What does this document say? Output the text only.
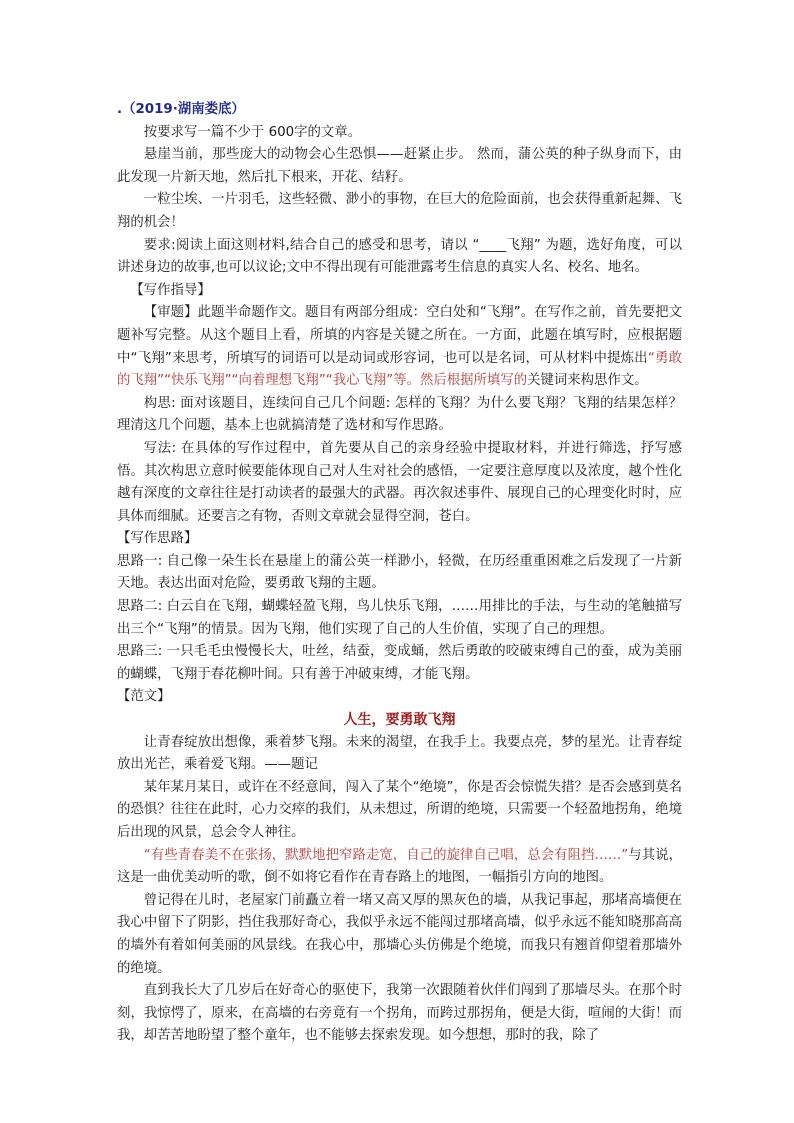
.（2019·湖南娄底）

按要求写一篇不少于 600字的文章。

悬崖当前，那些庞大的动物会心生恐惧——赶紧止步。 然而，蒲公英的种子纵身而下，由此发现一片新天地，然后扎下根来，开花、结籽。

一粒尘埃、一片羽毛，这些轻微、渺小的事物，在巨大的危险面前，也会获得重新起舞、飞翔的机会！

要求:阅读上面这则材料,结合自己的感受和思考，请以 “____飞翔” 为题，选好角度，可以讲述身边的故事,也可以议论;文中不得出现有可能泄露考生信息的真实人名、校名、地名。

【写作指导】

【审题】此题半命题作文。题目有两部分组成：空白处和“飞翔”。在写作之前，首先要把文题补写完整。从这个题目上看，所填的内容是关键之所在。一方面，此题在填写时，应根据题中“飞翔”来思考，所填写的词语可以是动词或形容词，也可以是名词，可从材料中提炼出“勇敢的飞翔”“快乐飞翔”“向着理想飞翔”“我心飞翔”等。然后根据所填写的关键词来构思作文。

构思: 面对该题目，连续问自己几个问题: 怎样的飞翔？为什么要飞翔？飞翔的结果怎样？理清这几个问题，基本上也就搞清楚了选材和写作思路。

写法: 在具体的写作过程中，首先要从自己的亲身经验中提取材料，并进行筛选，抒写感悟。其次构思立意时候要能体现自己对人生对社会的感悟，一定要注意厚度以及浓度，越个性化越有深度的文章往往是打动读者的最强大的武器。再次叙述事件、展现自己的心理变化时时，应具体而细腻。还要言之有物，否则文章就会显得空洞，苍白。

【写作思路】

思路一: 自己像一朵生长在悬崖上的蒲公英一样渺小，轻微，在历经重重困难之后发现了一片新天地。表达出面对危险，要勇敢飞翔的主题。

思路二: 白云自在飞翔，蝴蝶轻盈飞翔，鸟儿快乐飞翔，……用排比的手法，与生动的笔触描写出三个“飞翔”的情景。因为飞翔，他们实现了自己的人生价值，实现了自己的理想。

思路三: 一只毛毛虫慢慢长大，吐丝，结蚕，变成蛹，然后勇敢的咬破束缚自己的蚕，成为美丽的蝴蝶，飞翔于春花柳叶间。只有善于冲破束缚，才能飞翔。

【范文】

人生，要勇敢飞翔

让青春绽放出想像，乘着梦飞翔。未来的渴望，在我手上。我要点亮，梦的星光。让青春绽放出光芒，乘着爱飞翔。——题记

某年某月某日，或许在不经意间，闯入了某个“绝境”，你是否会惊慌失措？是否会感到莫名的恐惧？往往在此时，心力交瘁的我们，从未想过，所谓的绝境，只需要一个轻盈地拐角，绝境后出现的风景，总会令人神往。

“有些青春美不在张扬，默默地把窄路走宽，自己的旋律自己唱，总会有阻挡……”与其说，这是一曲优美动听的歌，倒不如将它看作在青春路上的地图，一幅指引方向的地图。

曾记得在儿时，老屋家门前矗立着一堵又高又厚的黑灰色的墙，从我记事起，那堵高墙便在我心中留下了阴影，挡住我那好奇心，我似乎永远不能闯过那堵高墙，似乎永远不能知晓那高高的墙外有着如何美丽的风景线。在我心中，那墙心头仿佛是个绝境，而我只有翘首仰望着那墙外的绝境。

直到我长大了几岁后在好奇心的驱使下，我第一次跟随着伙伴们闯到了那墙尽头。在那个时刻，我惊愕了，原来，在高墙的右旁竟有一个拐角，而跨过那拐角，便是大街，喧闹的大街！而我，却苦苦地盼望了整个童年，也不能够去探索发现。如今想想，那时的我，除了
